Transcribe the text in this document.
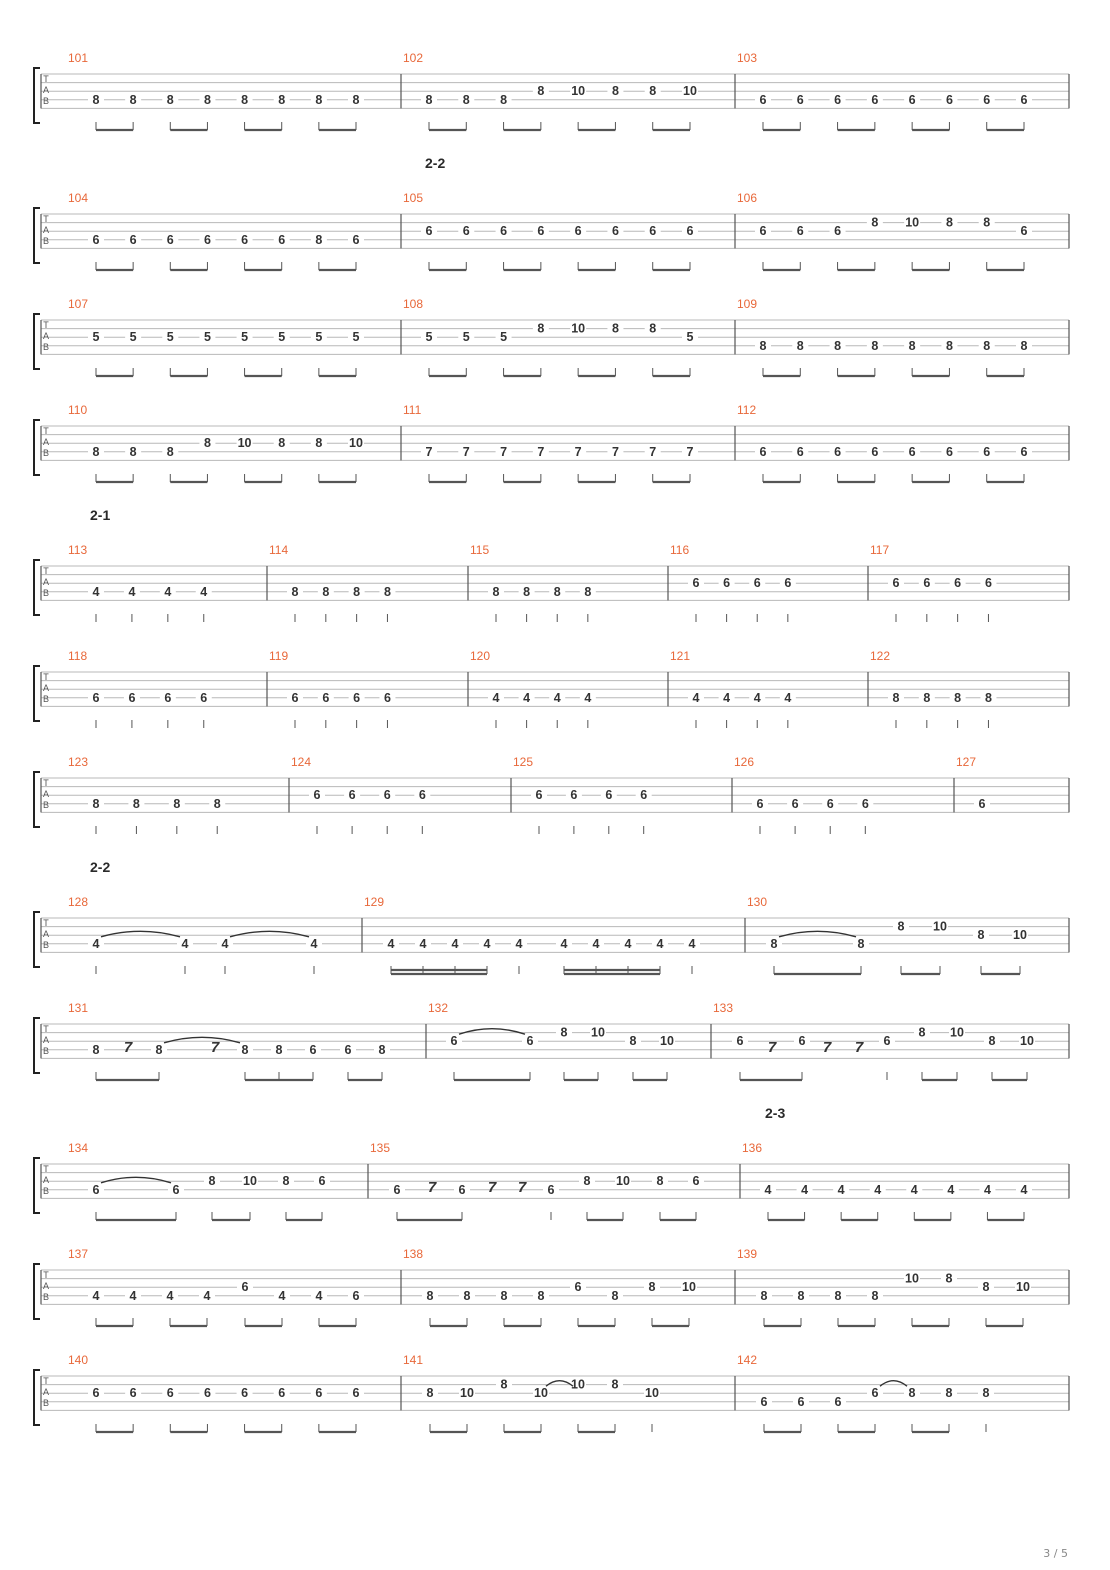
T
A
B
101
8 8 8 8 8 8 8 8
102
8 8 8
8 10 8 8 10
103
6 6 6 6 6 6 6 6
2-2
T
A
B
104
6 6 6 6 6 6 8 6
105
6 6 6 6 6 6 6 6
106
6 6 6
8 10 8 8
6
T
A
B
107
5 5 5 5 5 5 5 5
108
5 5 5
8 10 8 8
5
109
8 8 8 8 8 8 8 8
T
A
B
110
8 8 8
8 10 8 8 10
111
7 7 7 7 7 7 7 7
112
6 6 6 6 6 6 6 6
2-1
T
A
B
113
4 4 4 4
114
8 8 8 8
115
8 8 8 8
116
6 6 6 6
117
6 6 6 6
T
A
B
118
6 6 6 6
119
6 6 6 6
120
4 4 4 4
121
4 4 4 4
122
8 8 8 8
T
A
B
123
8	8	8	8
124
6 6 6 6
125
6 6 6 6
126
6 6 6 6
127
6
2-2
T
A
B
128
4	4	4	4
129
4 4 4 4 4	4 4 4 4 4
130
8	8
8 10
8 10
T
A
B
131
8	8	8 8 6 6 8
7	7
132
6	6
8 10
8 10
133
6	6	6
8 10
8 10
7	7 7
2-3
T
A
B
134
6	6
8 10 8 6
135
6	6	6
8 10 8 6
7	7 7
136
4 4 4 4 4 4 4 4
T
A
B
137
4 4 4 4
6
4 4 6
138
8 8 8 8
6
8
8 10
139
8 8 8 8
10 8
8 10
T
A
B
140
6 6 6 6 6 6 6 6
141
8 10
8
10
10 8
10
142
6 6 6
6 8 8 8
3 / 5
